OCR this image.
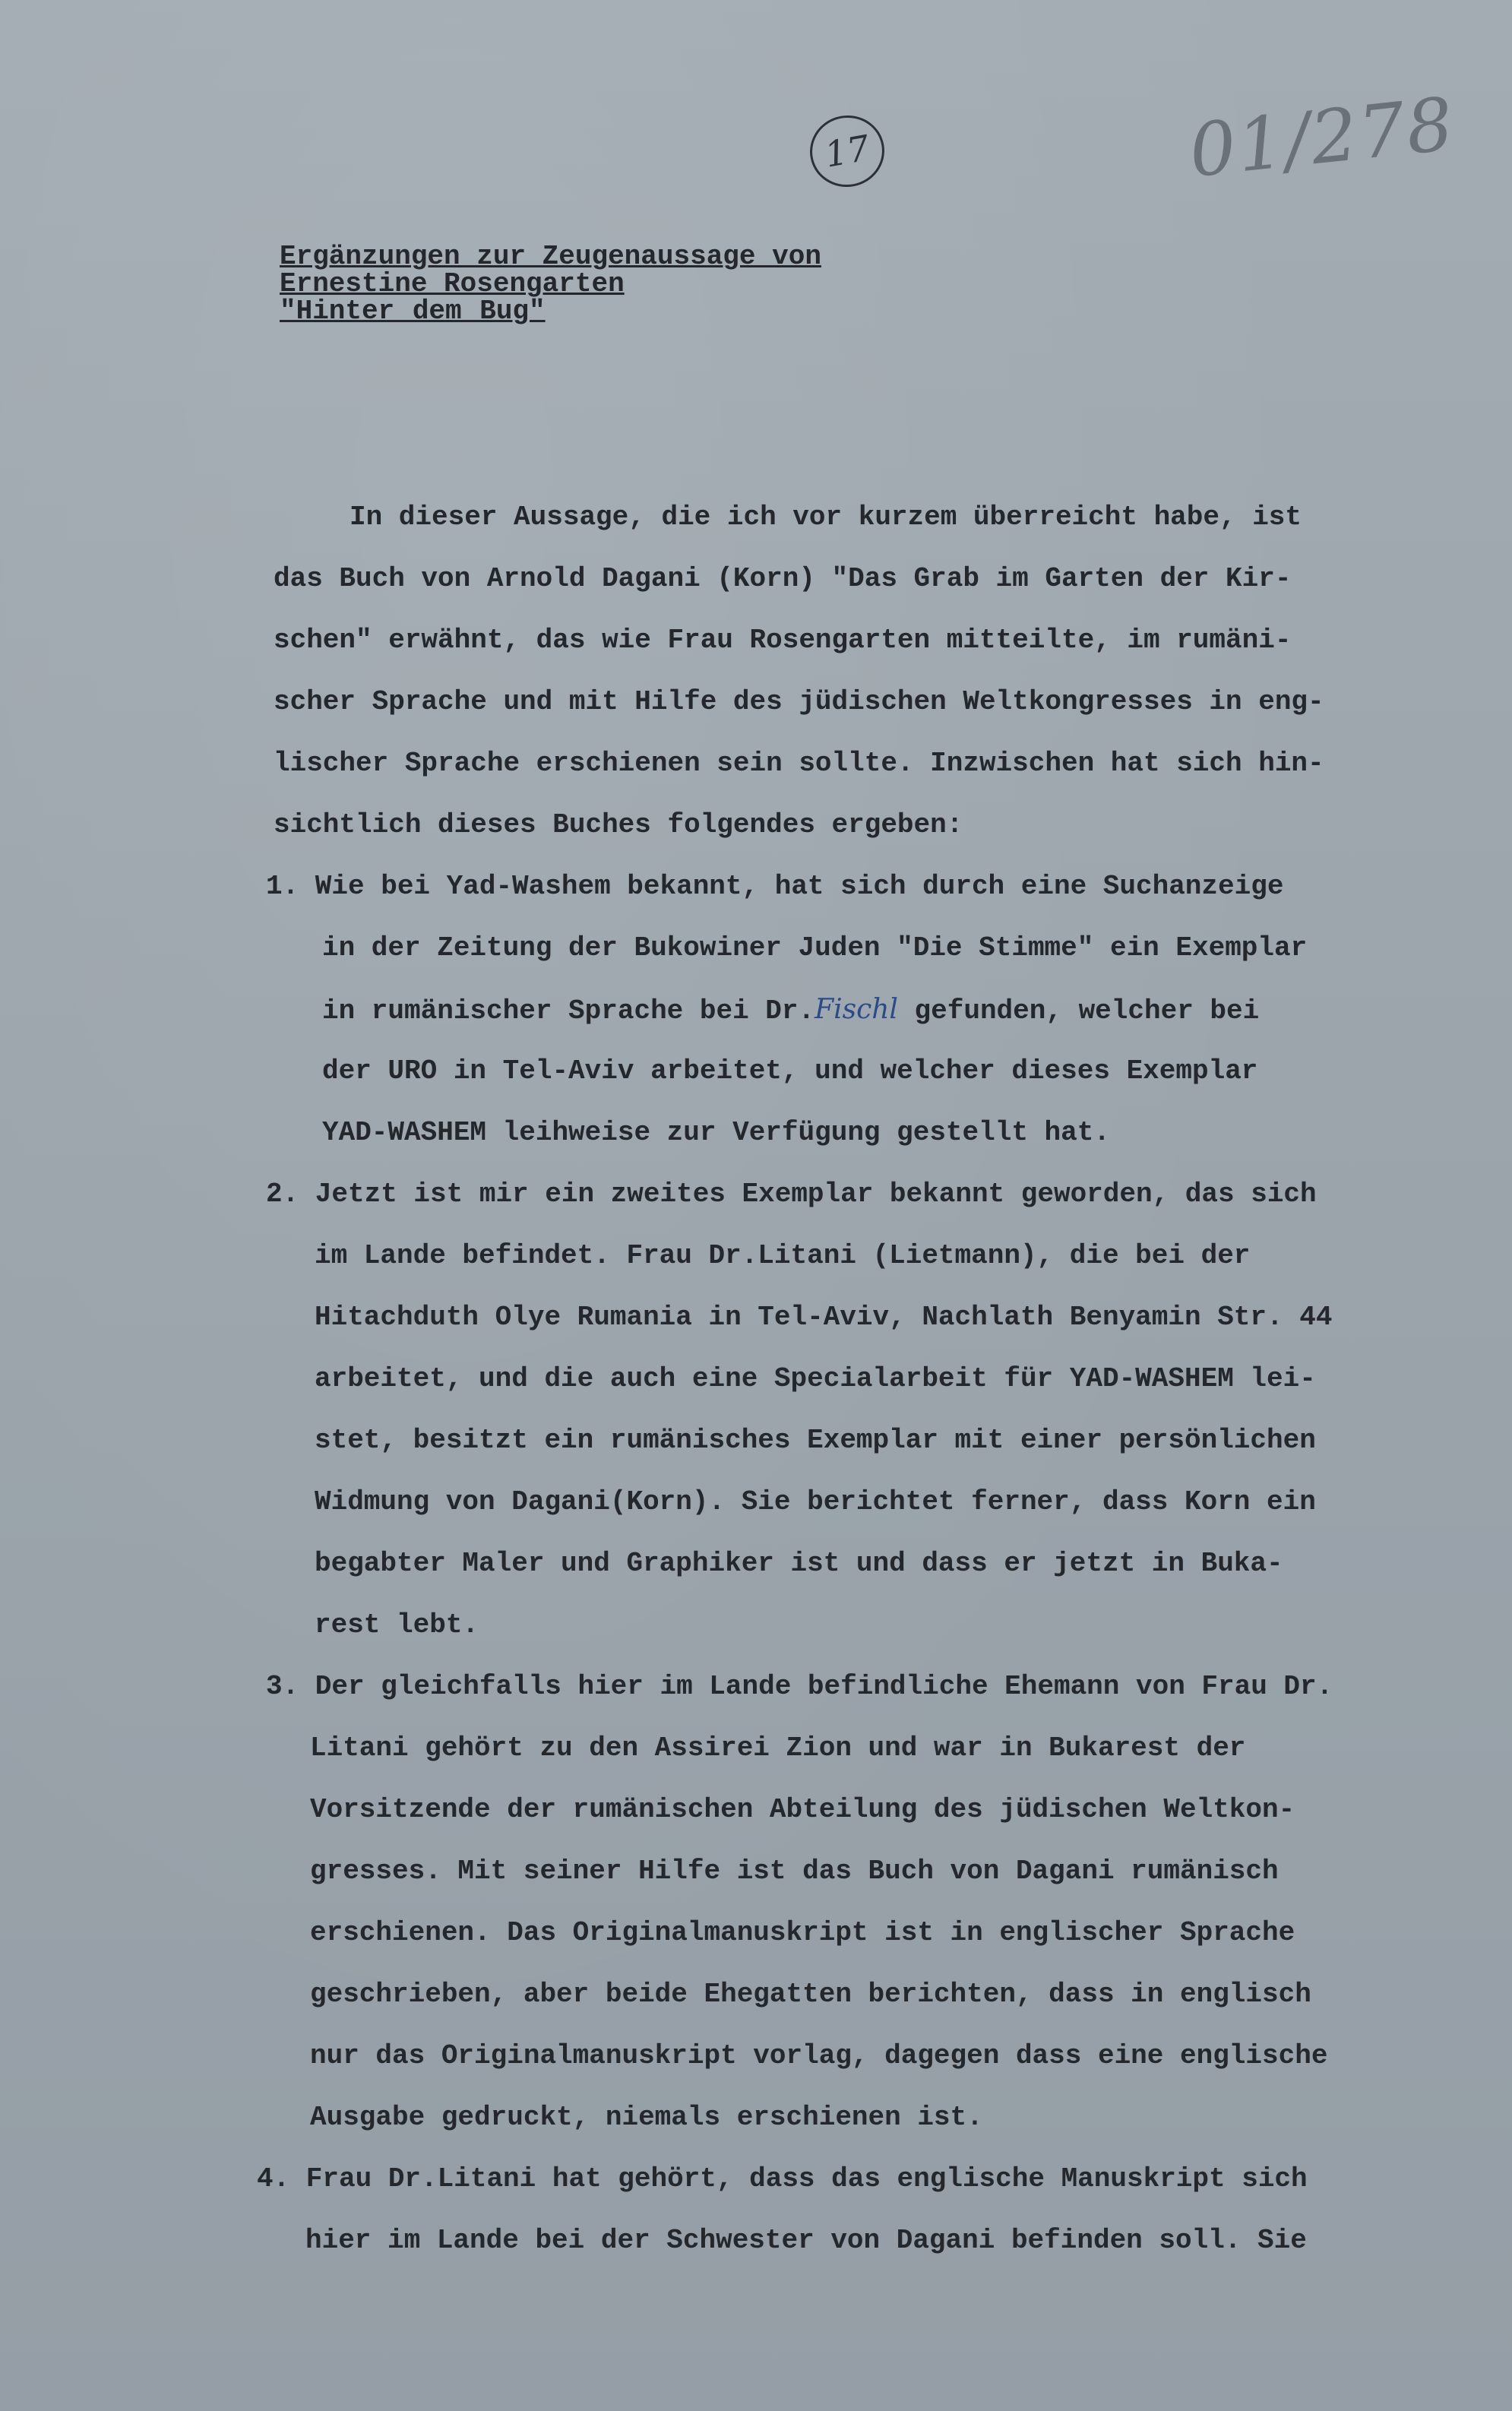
17	01/278
Ergänzungen zur Zeugenaussage von
Ernestine Rosengarten
"Hinter dem Bug"
In dieser Aussage, die ich vor kurzem überreicht habe, ist
das Buch von Arnold Dagani (Korn) "Das Grab im Garten der Kir-
schen" erwähnt, das wie Frau Rosengarten mitteilte, im rumäni-
scher Sprache und mit Hilfe des jüdischen Weltkongresses in eng-
lischer Sprache erschienen sein sollte. Inzwischen hat sich hin-
sichtlich dieses Buches folgendes ergeben:
1. Wie bei Yad-Washem bekannt, hat sich durch eine Suchanzeige
in der Zeitung der Bukowiner Juden "Die Stimme" ein Exemplar
in rumänischer Sprache bei Dr.Fischl gefunden, welcher bei
der URO in Tel-Aviv arbeitet, und welcher dieses Exemplar
YAD-WASHEM leihweise zur Verfügung gestellt hat.
2. Jetzt ist mir ein zweites Exemplar bekannt geworden, das sich
im Lande befindet. Frau Dr.Litani (Lietmann), die bei der
Hitachduth Olye Rumania in Tel-Aviv, Nachlath Benyamin Str. 44
arbeitet, und die auch eine Specialarbeit für YAD-WASHEM lei-
stet, besitzt ein rumänisches Exemplar mit einer persönlichen
Widmung von Dagani(Korn). Sie berichtet ferner, dass Korn ein
begabter Maler und Graphiker ist und dass er jetzt in Buka-
rest lebt.
3. Der gleichfalls hier im Lande befindliche Ehemann von Frau Dr.
Litani gehört zu den Assirei Zion und war in Bukarest der
Vorsitzende der rumänischen Abteilung des jüdischen Weltkon-
gresses. Mit seiner Hilfe ist das Buch von Dagani rumänisch
erschienen. Das Originalmanuskript ist in englischer Sprache
geschrieben, aber beide Ehegatten berichten, dass in englisch
nur das Originalmanuskript vorlag, dagegen dass eine englische
Ausgabe gedruckt, niemals erschienen ist.
4. Frau Dr.Litani hat gehört, dass das englische Manuskript sich
hier im Lande bei der Schwester von Dagani befinden soll. Sie
